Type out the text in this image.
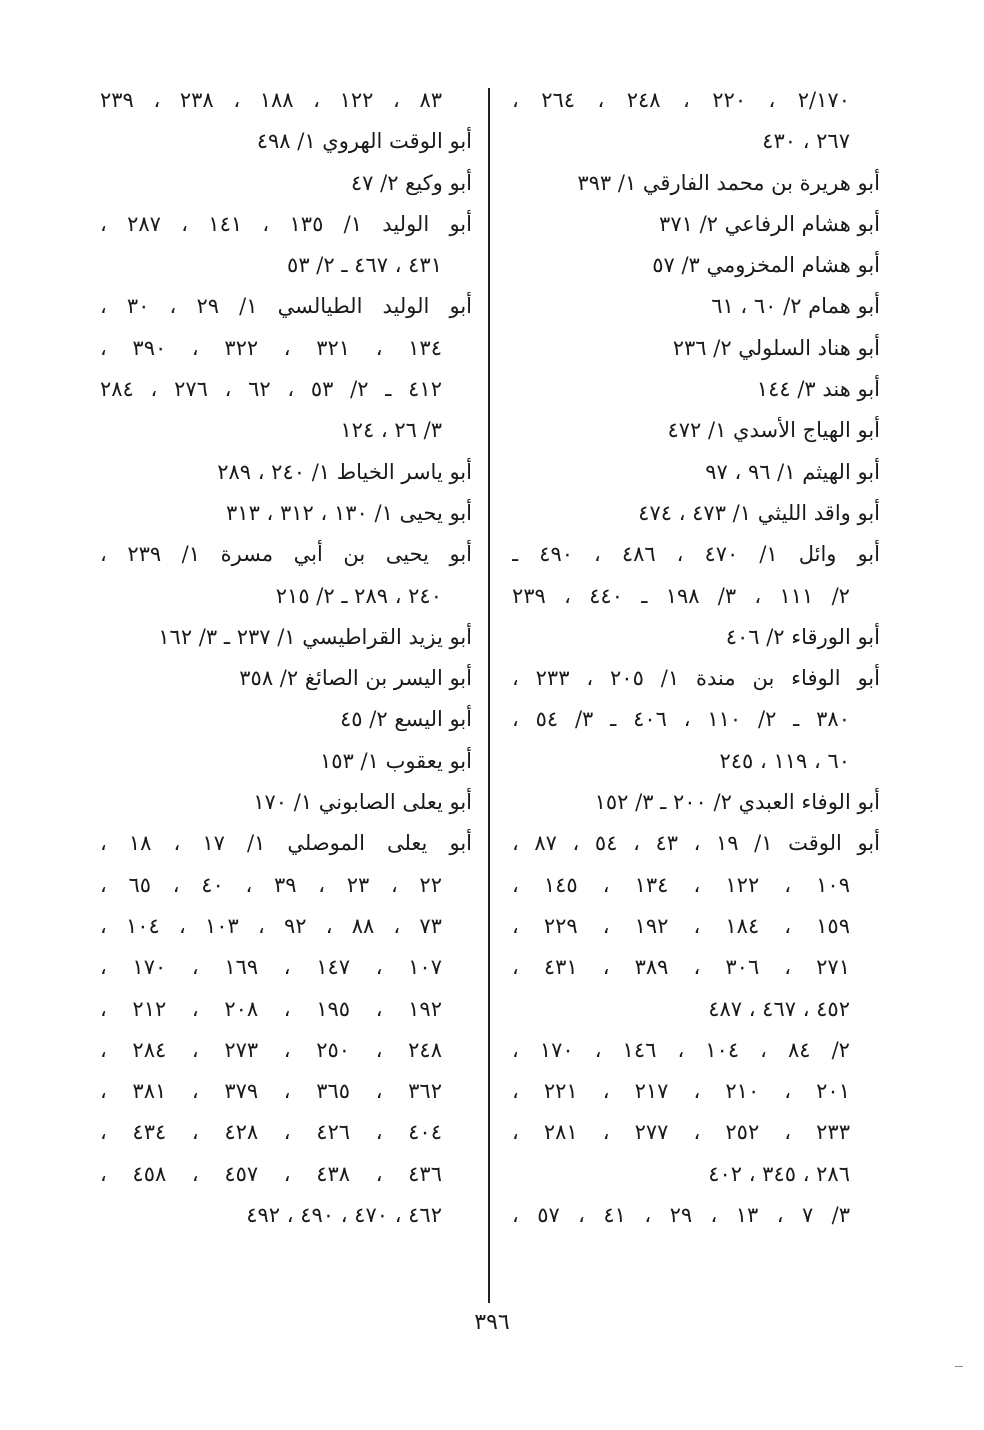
٢/١٧٠ ، ٢٢٠ ، ٢٤٨ ، ٢٦٤ ،
٢٦٧ ، ٤٣٠
أبو هريرة بن محمد الفارقي ١/ ٣٩٣
أبو هشام الرفاعي ٢/ ٣٧١
أبو هشام المخزومي ٣/ ٥٧
أبو همام ٢/ ٦٠ ، ٦١
أبو هناد السلولي ٢/ ٢٣٦
أبو هند ٣/ ١٤٤
أبو الهياج الأسدي ١/ ٤٧٢
أبو الهيثم ١/ ٩٦ ، ٩٧
أبو واقد الليثي ١/ ٤٧٣ ، ٤٧٤
أبو وائل ١/ ٤٧٠ ، ٤٨٦ ، ٤٩٠ ـ
٢/ ١١١ ، ٣/ ١٩٨ ـ ٤٤٠ ، ٢٣٩
أبو الورقاء ٢/ ٤٠٦
أبو الوفاء بن مندة ١/ ٢٠٥ ، ٢٣٣ ،
٣٨٠ ـ ٢/ ١١٠ ، ٤٠٦ ـ ٣/ ٥٤ ،
٦٠ ، ١١٩ ، ٢٤٥
أبو الوفاء العبدي ٢/ ٢٠٠ ـ ٣/ ١٥٢
أبو الوقت ١/ ١٩ ، ٤٣ ، ٥٤ ، ٨٧ ،
١٠٩ ، ١٢٢ ، ١٣٤ ، ١٤٥ ،
١٥٩ ، ١٨٤ ، ١٩٢ ، ٢٢٩ ،
٢٧١ ، ٣٠٦ ، ٣٨٩ ، ٤٣١ ،
٤٥٢ ، ٤٦٧ ، ٤٨٧
٢/ ٨٤ ، ١٠٤ ، ١٤٦ ، ١٧٠ ،
٢٠١ ، ٢١٠ ، ٢١٧ ، ٢٢١ ،
٢٣٣ ، ٢٥٢ ، ٢٧٧ ، ٢٨١ ،
٢٨٦ ، ٣٤٥ ، ٤٠٢
٣/ ٧ ، ١٣ ، ٢٩ ، ٤١ ، ٥٧ ،
٨٣ ، ١٢٢ ، ١٨٨ ، ٢٣٨ ، ٢٣٩
أبو الوقت الهروي ١/ ٤٩٨
أبو وكيع ٢/ ٤٧
أبو الوليد ١/ ١٣٥ ، ١٤١ ، ٢٨٧ ،
٤٣١ ، ٤٦٧ ـ ٢/ ٥٣
أبو الوليد الطيالسي ١/ ٢٩ ، ٣٠ ،
١٣٤ ، ٣٢١ ، ٣٢٢ ، ٣٩٠ ،
٤١٢ ـ ٢/ ٥٣ ، ٦٢ ، ٢٧٦ ، ٢٨٤
٣/ ٢٦ ، ١٢٤
أبو ياسر الخياط ١/ ٢٤٠ ، ٢٨٩
أبو يحيى ١/ ١٣٠ ، ٣١٢ ، ٣١٣
أبو يحيى بن أبي مسرة ١/ ٢٣٩ ،
٢٤٠ ، ٢٨٩ ـ ٢/ ٢١٥
أبو يزيد القراطيسي ١/ ٢٣٧ ـ ٣/ ١٦٢
أبو اليسر بن الصائغ ٢/ ٣٥٨
أبو اليسع ٢/ ٤٥
أبو يعقوب ١/ ١٥٣
أبو يعلى الصابوني ١/ ١٧٠
أبو يعلى الموصلي ١/ ١٧ ، ١٨ ،
٢٢ ، ٢٣ ، ٣٩ ، ٤٠ ، ٦٥ ،
٧٣ ، ٨٨ ، ٩٢ ، ١٠٣ ، ١٠٤ ،
١٠٧ ، ١٤٧ ، ١٦٩ ، ١٧٠ ،
١٩٢ ، ١٩٥ ، ٢٠٨ ، ٢١٢ ،
٢٤٨ ، ٢٥٠ ، ٢٧٣ ، ٢٨٤ ،
٣٦٢ ، ٣٦٥ ، ٣٧٩ ، ٣٨١ ،
٤٠٤ ، ٤٢٦ ، ٤٢٨ ، ٤٣٤ ،
٤٣٦ ، ٤٣٨ ، ٤٥٧ ، ٤٥٨ ،
٤٦٢ ، ٤٧٠ ، ٤٩٠ ، ٤٩٢
٣٩٦
